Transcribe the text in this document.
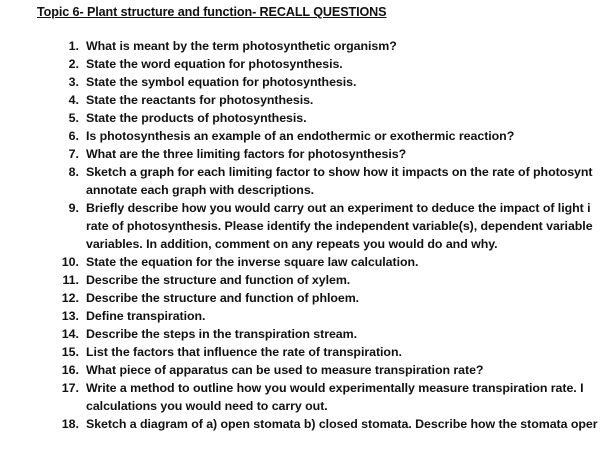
Topic 6- Plant structure and function- RECALL QUESTIONS
1. What is meant by the term photosynthetic organism?
2. State the word equation for photosynthesis.
3. State the symbol equation for photosynthesis.
4. State the reactants for photosynthesis.
5. State the products of photosynthesis.
6. Is photosynthesis an example of an endothermic or exothermic reaction?
7. What are the three limiting factors for photosynthesis?
8. Sketch a graph for each limiting factor to show how it impacts on the rate of photosynt
annotate each graph with descriptions.
9. Briefly describe how you would carry out an experiment to deduce the impact of light i
rate of photosynthesis. Please identify the independent variable(s), dependent variable
variables. In addition, comment on any repeats you would do and why.
10. State the equation for the inverse square law calculation.
11. Describe the structure and function of xylem.
12. Describe the structure and function of phloem.
13. Define transpiration.
14. Describe the steps in the transpiration stream.
15. List the factors that influence the rate of transpiration.
16. What piece of apparatus can be used to measure transpiration rate?
17. Write a method to outline how you would experimentally measure transpiration rate. I
calculations you would need to carry out.
18. Sketch a diagram of a) open stomata b) closed stomata. Describe how the stomata oper
